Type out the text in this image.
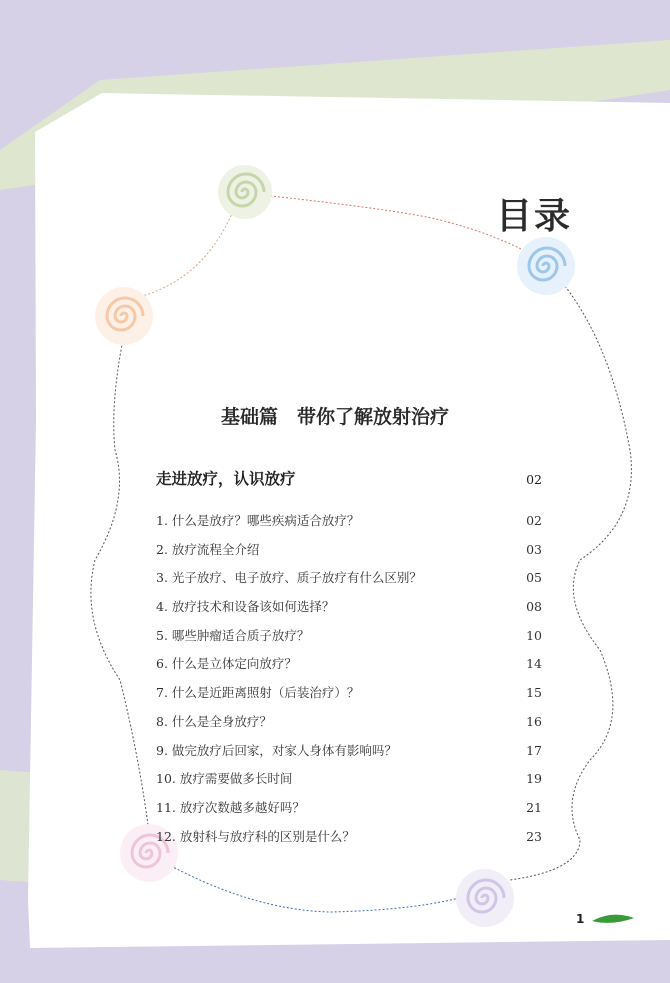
目录
基础篇　带你了解放射治疗
走进放疗，认识放疗	02
1. 什么是放疗？哪些疾病适合放疗？	02
2. 放疗流程全介绍	03
3. 光子放疗、电子放疗、质子放疗有什么区别？	05
4. 放疗技术和设备该如何选择？	08
5. 哪些肿瘤适合质子放疗？	10
6. 什么是立体定向放疗？	14
7. 什么是近距离照射（后装治疗）？	15
8. 什么是全身放疗？	16
9. 做完放疗后回家，对家人身体有影响吗？	17
10. 放疗需要做多长时间	19
11. 放疗次数越多越好吗？	21
12. 放射科与放疗科的区别是什么？	23
1
